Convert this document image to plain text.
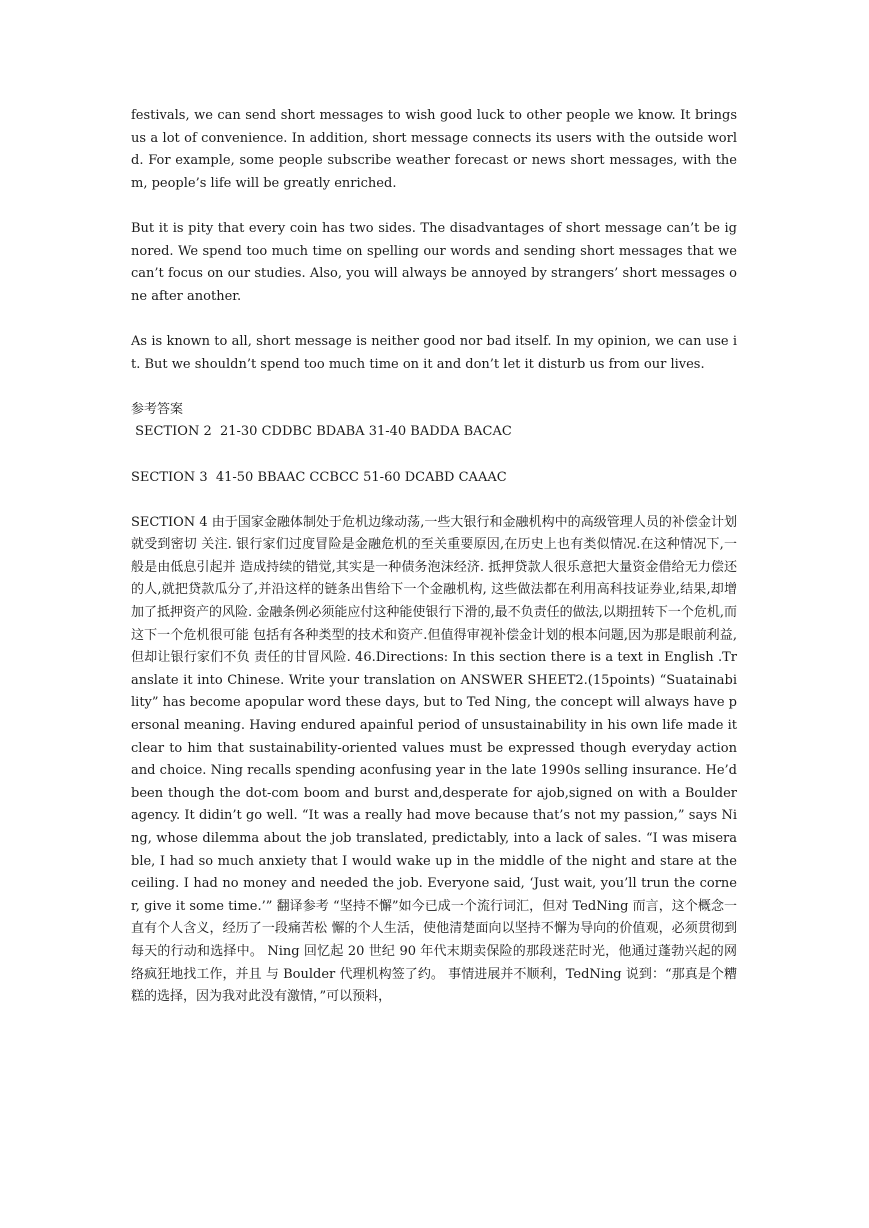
festivals, we can send short messages to wish good luck to other people we know. It brings us a lot of convenience. In addition, short message connects its users with the outside world. For example, some people subscribe weather forecast or news short messages, with them, people’s life will be greatly enriched.

But it is pity that every coin has two sides. The disadvantages of short message can’t be ignored. We spend too much time on spelling our words and sending short messages that we can’t focus on our studies. Also, you will always be annoyed by strangers’ short messages one after another.

As is known to all, short message is neither good nor bad itself. In my opinion, we can use it. But we shouldn’t spend too much time on it and don’t let it disturb us from our lives.

参考答案

SECTION 2  21-30 CDDBC BDABA 31-40 BADDA BACAC

SECTION 3  41-50 BBAAC CCBCC 51-60 DCABD CAAAC

SECTION 4 由于国家金融体制处于危机边缘动荡,一些大银行和金融机构中的高级管理人员的补偿金计划就受到密切 关注. 银行家们过度冒险是金融危机的至关重要原因,在历史上也有类似情况.在这种情况下,一般是由低息引起并 造成持续的错觉,其实是一种债务泡沫经济. 抵押贷款人很乐意把大量资金借给无力偿还的人,就把贷款瓜分了,并沿这样的链条出售给下一个金融机构, 这些做法都在利用高科技证券业,结果,却增加了抵押资产的风险. 金融条例必须能应付这种能使银行下滑的,最不负责任的做法,以期扭转下一个危机,而这下一个危机很可能 包括有各种类型的技术和资产.但值得审视补偿金计划的根本问题,因为那是眼前利益,但却让银行家们不负 责任的甘冒风险. 46.Directions: In this section there is a text in English .Translate it into Chinese. Write your translation on ANSWER SHEET2.(15points) “Suatainability” has become apopular word these days, but to Ted Ning, the concept will always have personal meaning. Having endured apainful period of unsustainability in his own life made itclear to him that sustainability-oriented values must be expressed though everyday action and choice. Ning recalls spending aconfusing year in the late 1990s selling insurance. He’d been though the dot-com boom and burst and,desperate for ajob,signed on with a Boulder agency. It didin’t go well. “It was a really had move because that’s not my passion,” says Ning, whose dilemma about the job translated, predictably, into a lack of sales. “I was miserable, I had so much anxiety that I would wake up in the middle of the night and stare at the ceiling. I had no money and needed the job. Everyone said, ‘Just wait, you’ll trun the corner, give it some time.’” 翻译参考 “坚持不懈”如今已成一个流行词汇，但对 TedNing 而言，这个概念一直有个人含义，经历了一段痛苦松 懈的个人生活，使他清楚面向以坚持不懈为导向的价值观，必须贯彻到每天的行动和选择中。 Ning 回忆起 20 世纪 90 年代末期卖保险的那段迷茫时光，他通过蓬勃兴起的网络疯狂地找工作，并且 与 Boulder 代理机构签了约。 事情进展并不顺利，TedNing 说到：“那真是个糟糕的选择，因为我对此没有激情，”可以预料，
